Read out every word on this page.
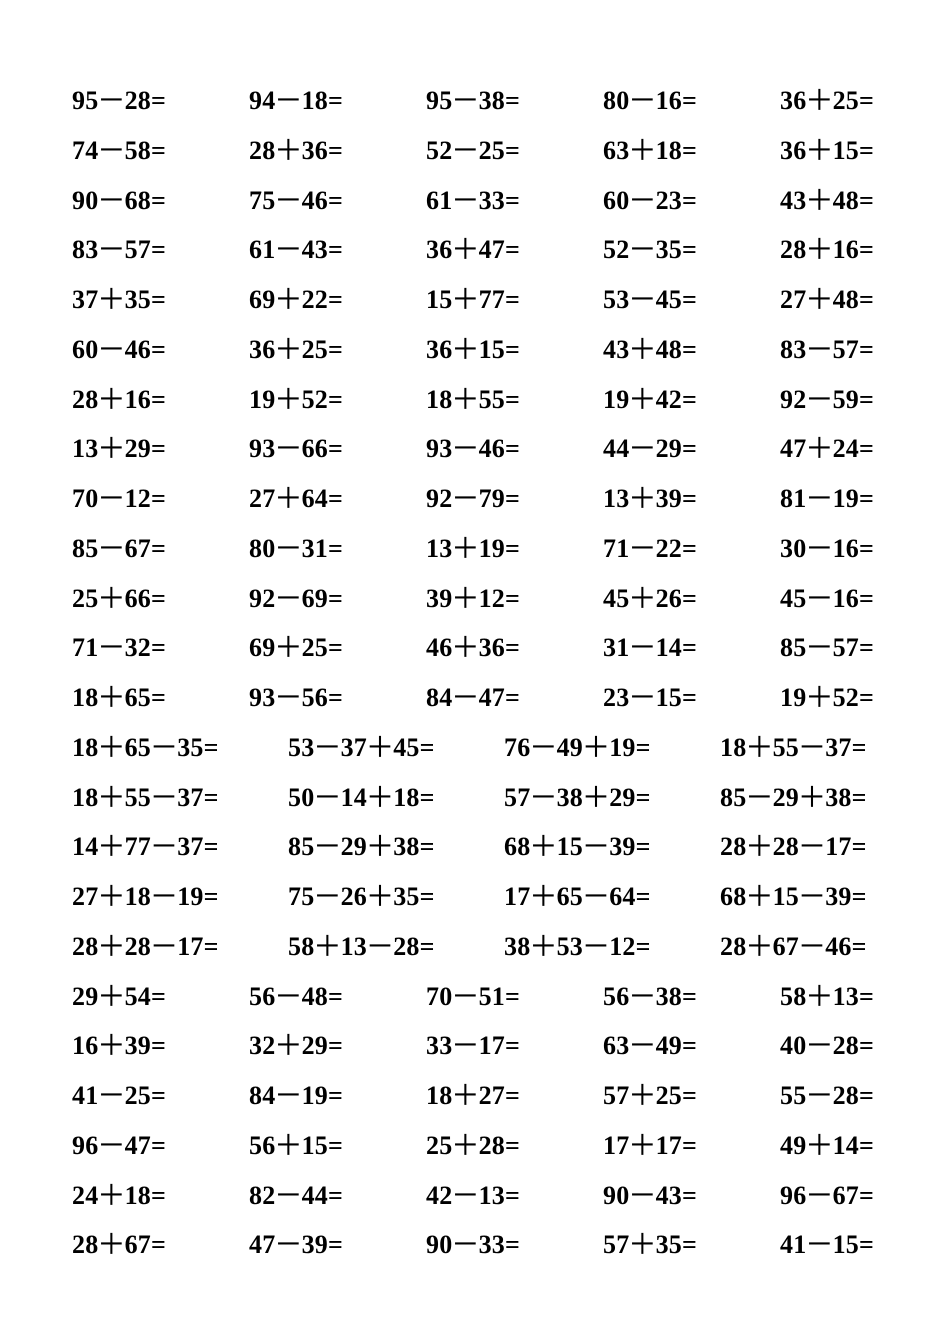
95－28=	94－18=	95－38=	80－16=	36＋25=
74－58=	28＋36=	52－25=	63＋18=	36＋15=
90－68=	75－46=	61－33=	60－23=	43＋48=
83－57=	61－43=	36＋47=	52－35=	28＋16=
37＋35=	69＋22=	15＋77=	53－45=	27＋48=
60－46=	36＋25=	36＋15=	43＋48=	83－57=
28＋16=	19＋52=	18＋55=	19＋42=	92－59=
13＋29=	93－66=	93－46=	44－29=	47＋24=
70－12=	27＋64=	92－79=	13＋39=	81－19=
85－67=	80－31=	13＋19=	71－22=	30－16=
25＋66=	92－69=	39＋12=	45＋26=	45－16=
71－32=	69＋25=	46＋36=	31－14=	85－57=
18＋65=	93－56=	84－47=	23－15=	19＋52=
18＋65－35=	53－37＋45=	76－49＋19=	18＋55－37=
18＋55－37=	50－14＋18=	57－38＋29=	85－29＋38=
14＋77－37=	85－29＋38=	68＋15－39=	28＋28－17=
27＋18－19=	75－26＋35=	17＋65－64=	68＋15－39=
28＋28－17=	58＋13－28=	38＋53－12=	28＋67－46=
29＋54=	56－48=	70－51=	56－38=	58＋13=
16＋39=	32＋29=	33－17=	63－49=	40－28=
41－25=	84－19=	18＋27=	57＋25=	55－28=
96－47=	56＋15=	25＋28=	17＋17=	49＋14=
24＋18=	82－44=	42－13=	90－43=	96－67=
28＋67=	47－39=	90－33=	57＋35=	41－15=
